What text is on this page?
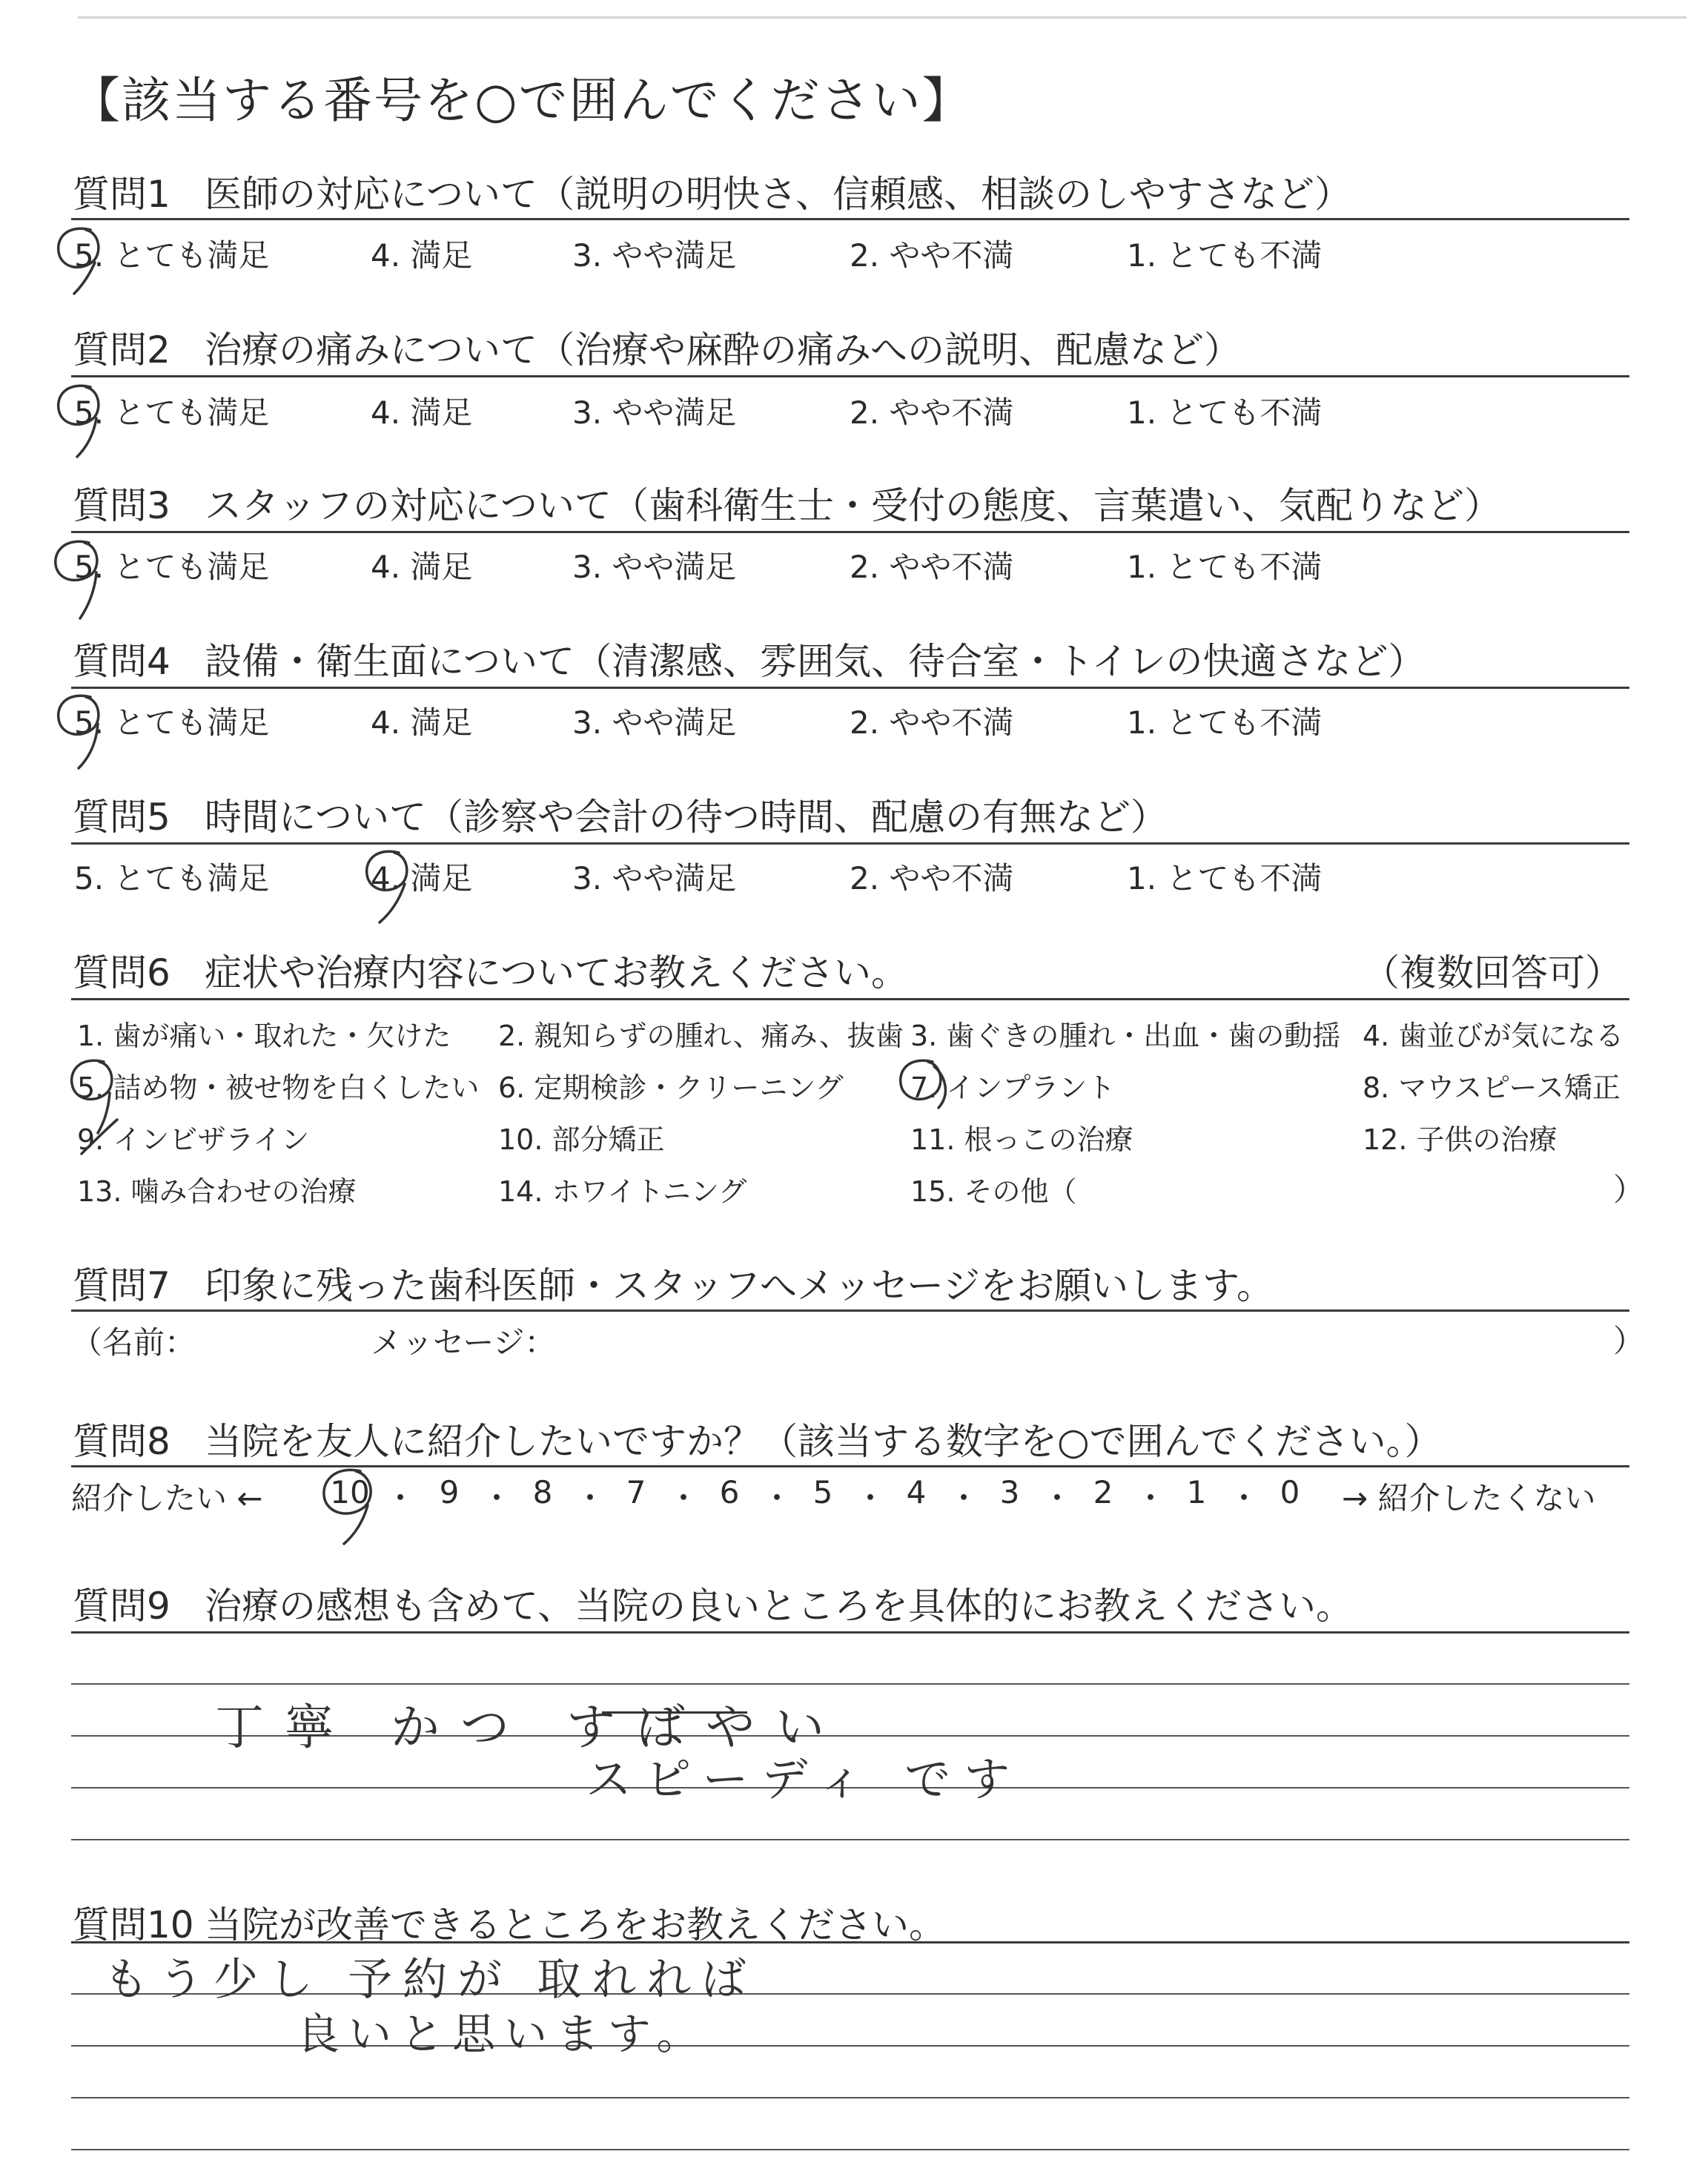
【該当する番号を○で囲んでください】
質問1 医師の対応について（説明の明快さ、信頼感、相談のしやすさなど）
5. とても満足	4. 満足	3. やや満足	2. やや不満	1. とても不満
質問2 治療の痛みについて（治療や麻酔の痛みへの説明、配慮など）
5. とても満足	4. 満足	3. やや満足	2. やや不満	1. とても不満
質問3 スタッフの対応について（歯科衛生士・受付の態度、言葉遣い、気配りなど）
5. とても満足	4. 満足	3. やや満足	2. やや不満	1. とても不満
質問4 設備・衛生面について（清潔感、雰囲気、待合室・トイレの快適さなど）
5. とても満足	4. 満足	3. やや満足	2. やや不満	1. とても不満
質問5 時間について（診察や会計の待つ時間、配慮の有無など）
5. とても満足	4. 満足	3. やや満足	2. やや不満	1. とても不満
質問6 症状や治療内容についてお教えください。	（複数回答可）
1. 歯が痛い・取れた・欠けた 2. 親知らずの腫れ、痛み、抜歯 3. 歯ぐきの腫れ・出血・歯の動揺 4. 歯並びが気になる
5. 詰め物・被せ物を白くしたい 6. 定期検診・クリーニング 7. インプラント	8. マウスピース矯正
9. インビザライン	10. 部分矯正	11. 根っこの治療	12. 子供の治療
13. 噛み合わせの治療	14. ホワイトニング	15. その他（	）
質問7 印象に残った歯科医師・スタッフへメッセージをお願いします。
（名前：	メッセージ：	）
質問8 当院を友人に紹介したいですか？（該当する数字を○で囲んでください。）
紹介したい ←	→ 紹介したくない
10 ・ 9 ・ 8 ・ 7 ・ 6 ・ 5 ・ 4 ・ 3 ・ 2 ・ 1 ・ 0
質問9 治療の感想も含めて、当院の良いところを具体的にお教えください。
丁寧 かつ すばやい
スピーディ です
質問10 当院が改善できるところをお教えください。
もう少し 予約が 取れれば
良いと思います。
